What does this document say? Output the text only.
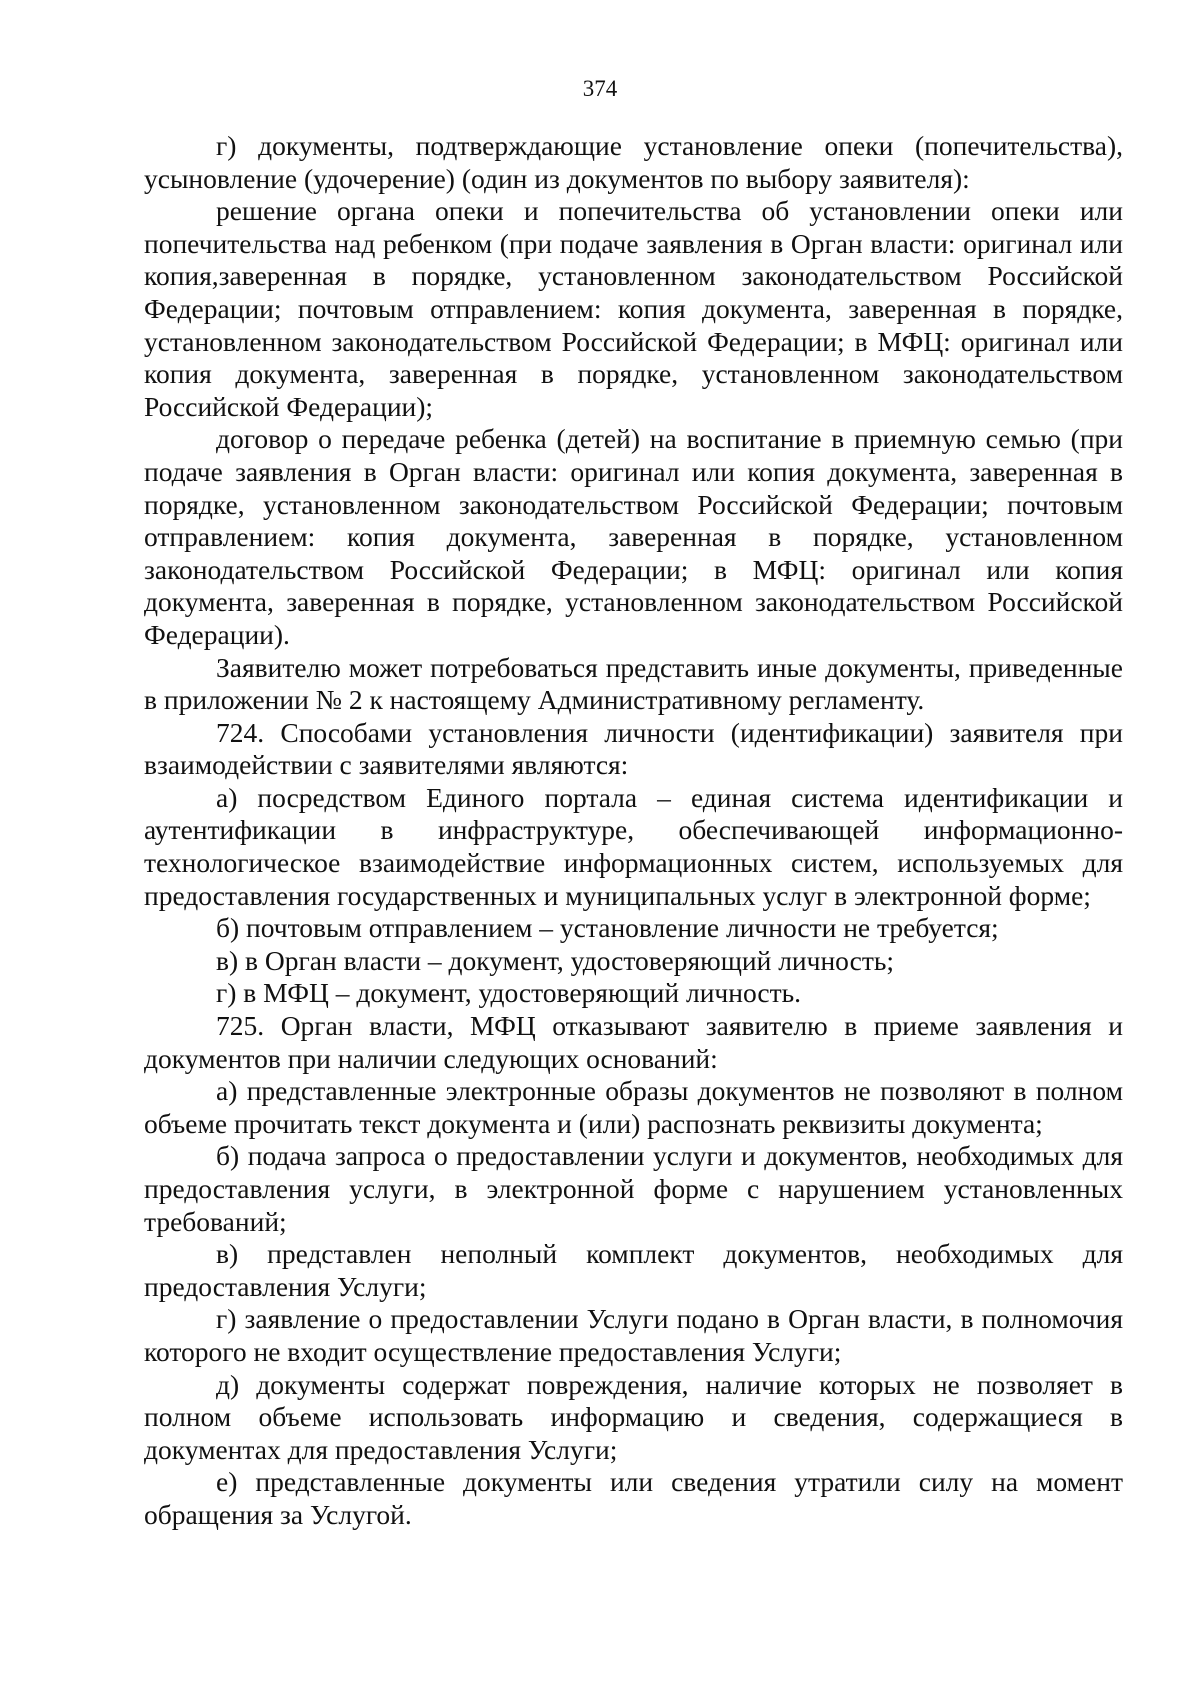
374

г) документы, подтверждающие установление опеки (попечительства), усыновление (удочерение) (один из документов по выбору заявителя):

решение органа опеки и попечительства об установлении опеки или попечительства над ребенком (при подаче заявления в Орган власти: оригинал или копия,заверенная в порядке, установленном законодательством Российской Федерации; почтовым отправлением: копия документа, заверенная в порядке, установленном законодательством Российской Федерации; в МФЦ: оригинал или копия документа, заверенная в порядке, установленном законодательством Российской Федерации);

договор о передаче ребенка (детей) на воспитание в приемную семью (при подаче заявления в Орган власти: оригинал или копия документа, заверенная в порядке, установленном законодательством Российской Федерации; почтовым отправлением: копия документа, заверенная в порядке, установленном законодательством Российской Федерации; в МФЦ: оригинал или копия документа, заверенная в порядке, установленном законодательством Российской Федерации).

Заявителю может потребоваться представить иные документы, приведенные в приложении № 2 к настоящему Административному регламенту.

724. Способами установления личности (идентификации) заявителя при взаимодействии с заявителями являются:

а) посредством Единого портала – единая система идентификации и аутентификации в инфраструктуре, обеспечивающей информационно-технологическое взаимодействие информационных систем, используемых для предоставления государственных и муниципальных услуг в электронной форме;

б) почтовым отправлением – установление личности не требуется;

в) в Орган власти – документ, удостоверяющий личность;

г) в МФЦ – документ, удостоверяющий личность.

725. Орган власти, МФЦ отказывают заявителю в приеме заявления и документов при наличии следующих оснований:

а) представленные электронные образы документов не позволяют в полном объеме прочитать текст документа и (или) распознать реквизиты документа;

б) подача запроса о предоставлении услуги и документов, необходимых для предоставления услуги, в электронной форме с нарушением установленных требований;

в) представлен неполный комплект документов, необходимых для предоставления Услуги;

г) заявление о предоставлении Услуги подано в Орган власти, в полномочия которого не входит осуществление предоставления Услуги;

д) документы содержат повреждения, наличие которых не позволяет в полном объеме использовать информацию и сведения, содержащиеся в документах для предоставления Услуги;

е) представленные документы или сведения утратили силу на момент обращения за Услугой.
